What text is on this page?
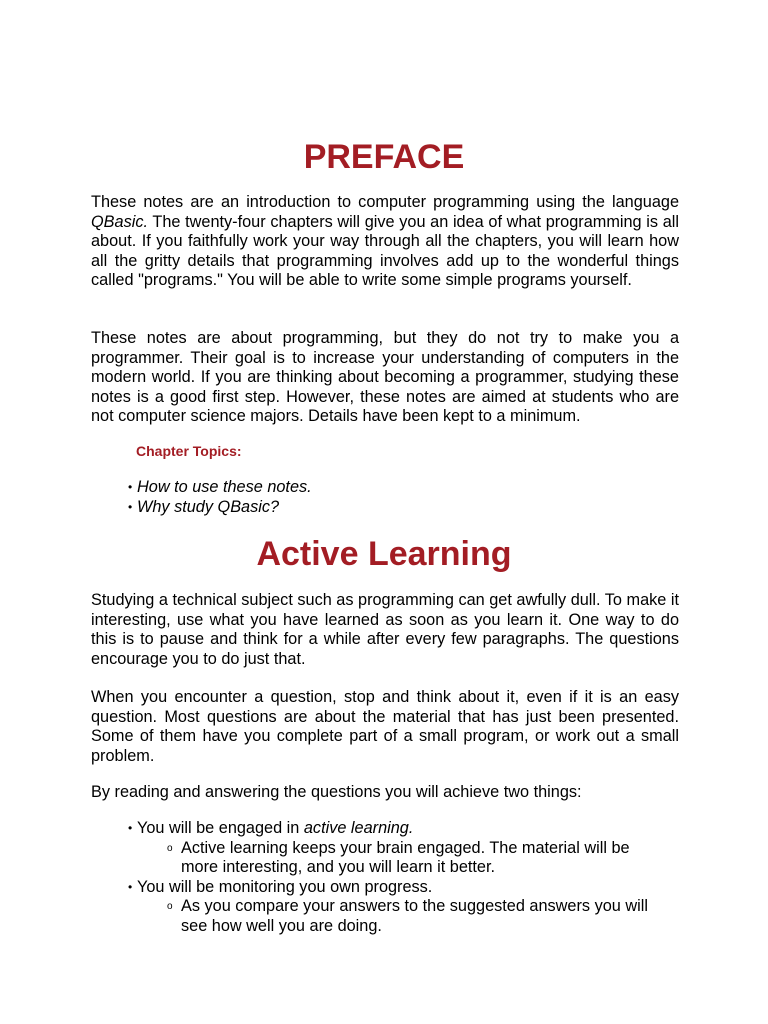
PREFACE

These notes are an introduction to computer programming using the language QBasic. The twenty-four chapters will give you an idea of what programming is all about. If you faithfully work your way through all the chapters, you will learn how all the gritty details that programming involves add up to the wonderful things called "programs." You will be able to write some simple programs yourself.

These notes are about programming, but they do not try to make you a programmer. Their goal is to increase your understanding of computers in the modern world. If you are thinking about becoming a programmer, studying these notes is a good first step. However, these notes are aimed at students who are not computer science majors. Details have been kept to a minimum.

Chapter Topics:
• How to use these notes.
• Why study QBasic?
Active Learning

Studying a technical subject such as programming can get awfully dull. To make it interesting, use what you have learned as soon as you learn it. One way to do this is to pause and think for a while after every few paragraphs. The questions encourage you to do just that.

When you encounter a question, stop and think about it, even if it is an easy question. Most questions are about the material that has just been presented. Some of them have you complete part of a small program, or work out a small problem.

By reading and answering the questions you will achieve two things:

• You will be engaged in active learning.
o Active learning keeps your brain engaged. The material will be more interesting, and you will learn it better.
• You will be monitoring you own progress.
o As you compare your answers to the suggested answers you will see how well you are doing.
